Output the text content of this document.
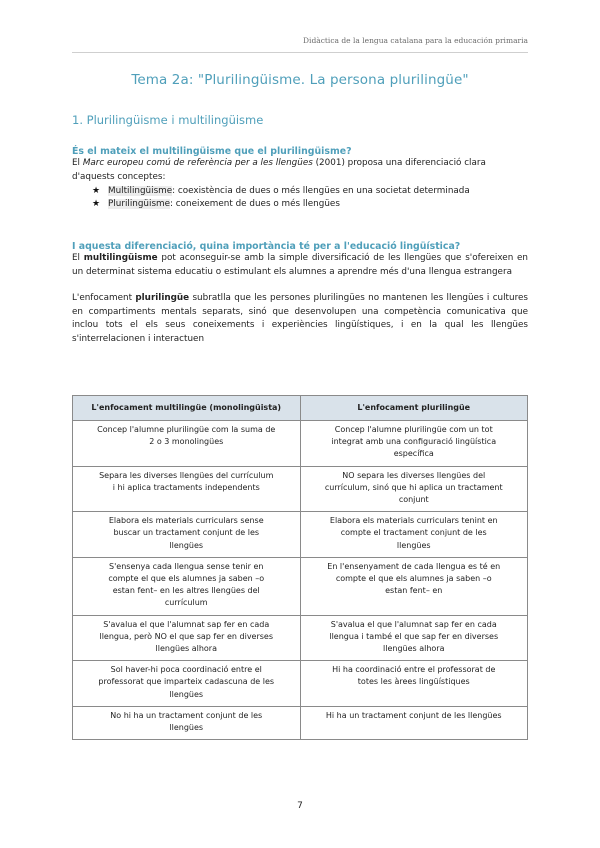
Didàctica de la lengua catalana para la educación primaria
Tema 2a: "Plurilingüisme. La persona plurilingüe"
1. Plurilingüisme i multilingüisme
És el mateix el multilingüisme que el plurilingüisme?

El Marc europeu comú de referència per a les llengües (2001) proposa una diferenciació clara d'aquests conceptes:

★ Multilingüisme: coexistència de dues o més llengües en una societat determinada
★ Plurilingüisme: coneixement de dues o més llengües
I aquesta diferenciació, quina importància té per a l'educació lingüística?

El multilingüisme pot aconseguir-se amb la simple diversificació de les llengües que s'ofereixen en un determinat sistema educatiu o estimulant els alumnes a aprendre més d'una llengua estrangera

L'enfocament plurilingüe subratlla que les persones plurilingües no mantenen les llengües i cultures en compartiments mentals separats, sinó que desenvolupen una competència comunicativa que inclou tots el els seus coneixements i experiències lingüístiques, i en la qual les llengües s'interrelacionen i interactuen

L'enfocament multilingüe (monolingüista)	L'enfocament plurilingüe
Concep l'alumne plurilingüe com la suma de 2 o 3 monolingües	Concep l'alumne plurilingüe com un tot integrat amb una configuració lingüística específica
Separa les diverses llengües del currículum i hi aplica tractaments independents	NO separa les diverses llengües del currículum, sinó que hi aplica un tractament conjunt
Elabora els materials curriculars sense buscar un tractament conjunt de les llengües	Elabora els materials curriculars tenint en compte el tractament conjunt de les llengües
S'ensenya cada llengua sense tenir en compte el que els alumnes ja saben –o estan fent– en les altres llengües del currículum	En l'ensenyament de cada llengua es té en compte el que els alumnes ja saben –o estan fent– en
S'avalua el que l'alumnat sap fer en cada llengua, però NO el que sap fer en diverses llengües alhora	S'avalua el que l'alumnat sap fer en cada llengua i també el que sap fer en diverses llengües alhora
Sol haver-hi poca coordinació entre el professorat que imparteix cadascuna de les llengües	Hi ha coordinació entre el professorat de totes les àrees lingüístiques
No hi ha un tractament conjunt de les llengües	Hi ha un tractament conjunt de les llengües
7
